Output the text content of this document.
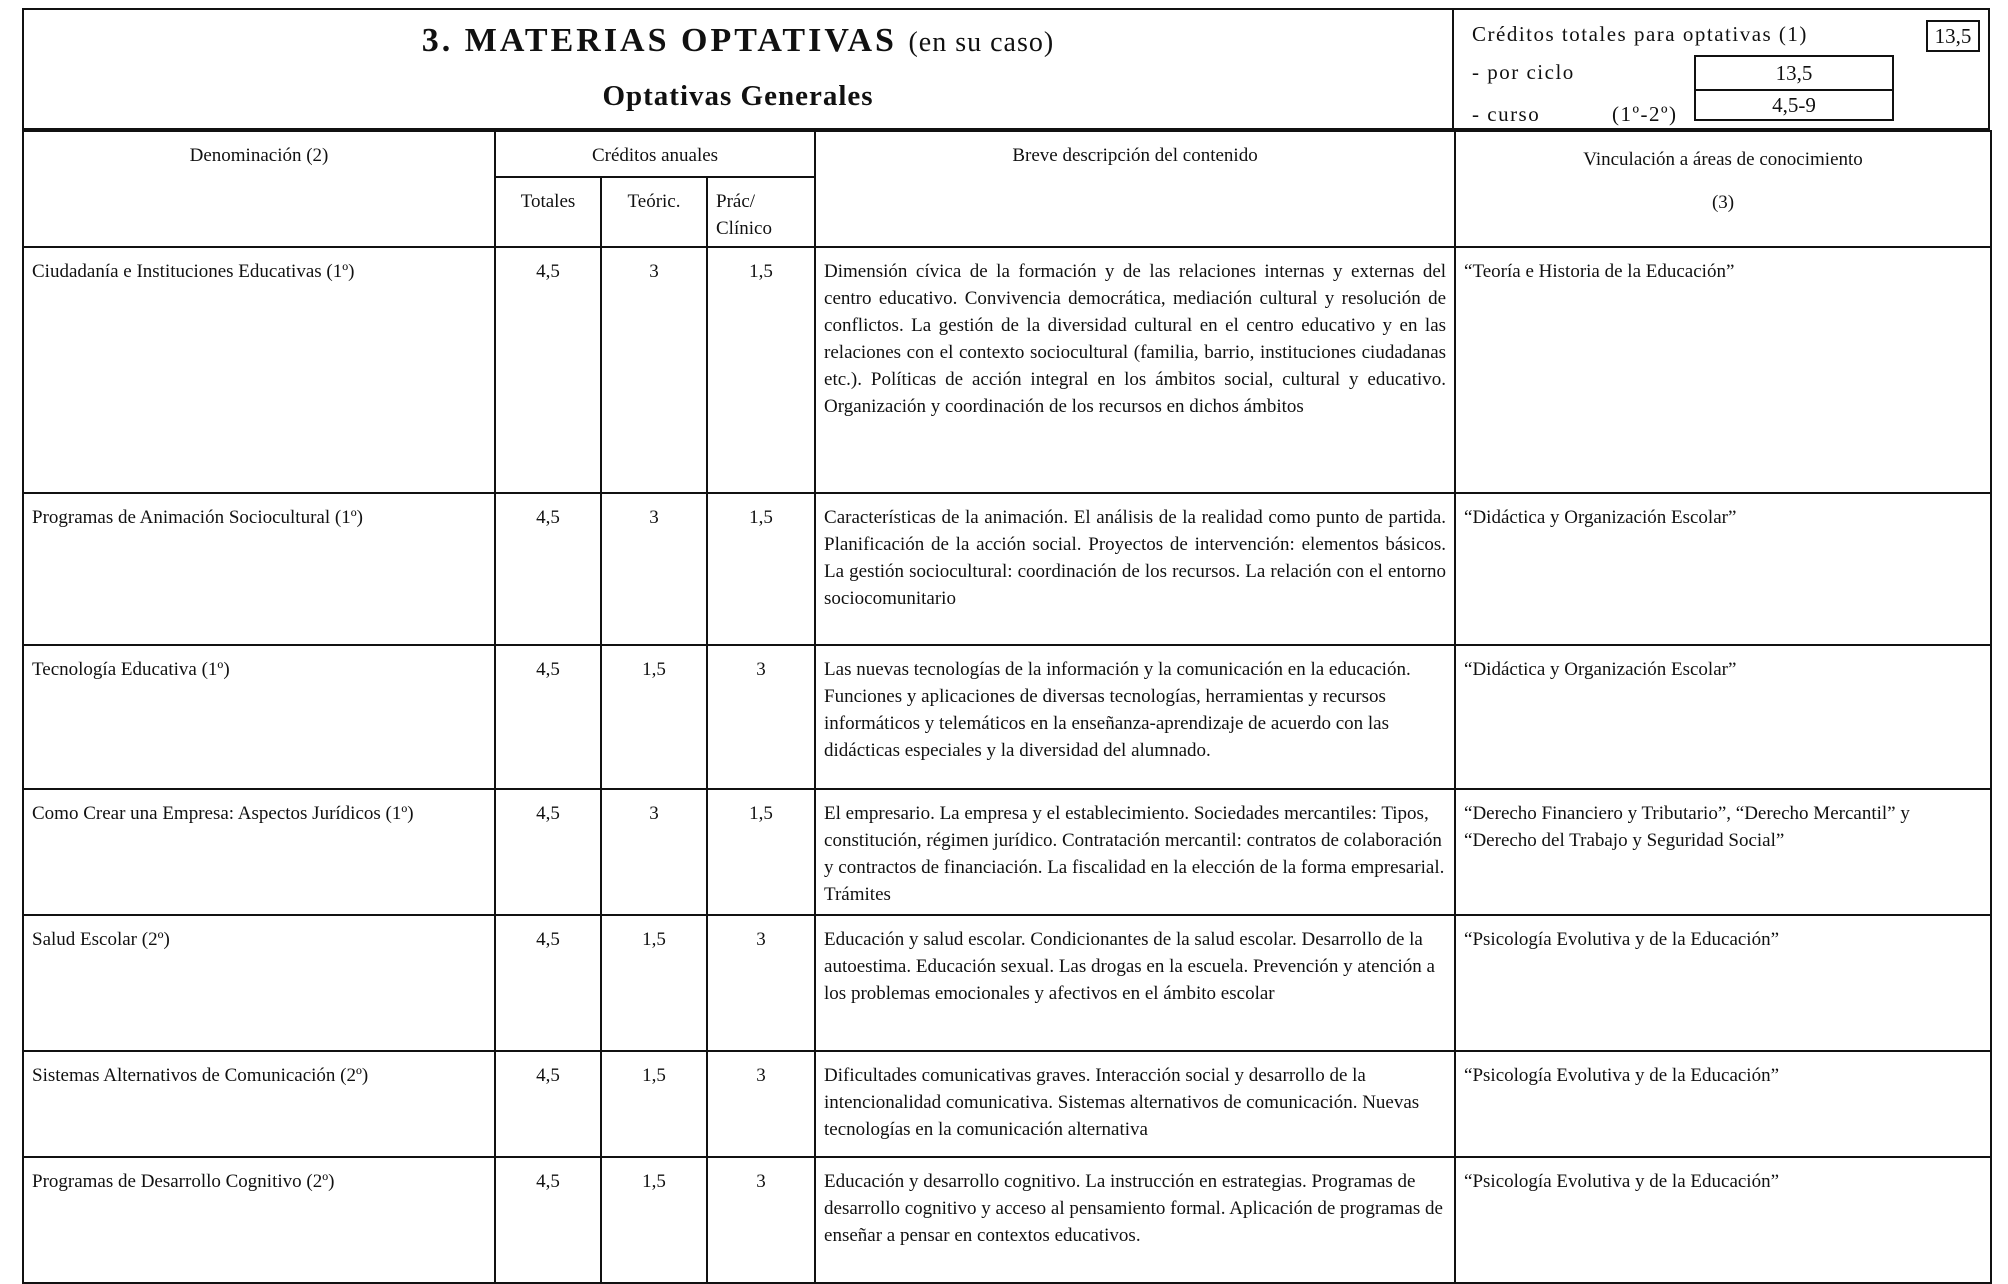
3. MATERIAS OPTATIVAS (en su caso)
Optativas Generales
Créditos totales para optativas (1)	13,5
- por ciclo	13,5
- curso	(1º-2º)	4,5-9
Denominación (2)	Créditos anuales			Breve descripción del contenido	Vinculación a áreas de conocimiento
(3)

	Totales	Teóric.	Prác/ Clínico		
Ciudadanía e Instituciones Educativas (1º)	4,5	3	1,5	Dimensión cívica de la formación y de las relaciones internas y externas del centro educativo. Convivencia democrática, mediación cultural y resolución de conflictos. La gestión de la diversidad cultural en el centro educativo y en las relaciones con el contexto sociocultural (familia, barrio, instituciones ciudadanas etc.). Políticas de acción integral en los ámbitos social, cultural y educativo. Organización y coordinación de los recursos en dichos ámbitos	“Teoría e Historia de la Educación”
Programas de Animación Sociocultural (1º)	4,5	3	1,5	Características de la animación. El análisis de la realidad como punto de partida. Planificación de la acción social. Proyectos de intervención: elementos básicos. La gestión sociocultural: coordinación de los recursos. La relación con el entorno sociocomunitario	“Didáctica y Organización Escolar”
Tecnología Educativa (1º)	4,5	1,5	3	Las nuevas tecnologías de la información y la comunicación en la educación. Funciones y aplicaciones de diversas tecnologías, herramientas y recursos informáticos y telemáticos en la enseñanza-aprendizaje de acuerdo con las didácticas especiales y la diversidad del alumnado.	“Didáctica y Organización Escolar”
Como Crear una Empresa: Aspectos Jurídicos (1º)	4,5	3	1,5	El empresario. La empresa y el establecimiento. Sociedades mercantiles: Tipos, constitución, régimen jurídico. Contratación mercantil: contratos de colaboración y contractos de financiación. La fiscalidad en la elección de la forma empresarial. Trámites	“Derecho Financiero y Tributario”, “Derecho Mercantil” y “Derecho del Trabajo y Seguridad Social”
Salud Escolar (2º)	4,5	1,5	3	Educación y salud escolar. Condicionantes de la salud escolar. Desarrollo de la autoestima. Educación sexual. Las drogas en la escuela. Prevención y atención a los problemas emocionales y afectivos en el ámbito escolar	“Psicología Evolutiva y de la Educación”
Sistemas Alternativos de Comunicación (2º)	4,5	1,5	3	Dificultades comunicativas graves. Interacción social y desarrollo de la intencionalidad comunicativa. Sistemas alternativos de comunicación. Nuevas tecnologías en la comunicación alternativa	“Psicología Evolutiva y de la Educación”
Programas de Desarrollo Cognitivo (2º)	4,5	1,5	3	Educación y desarrollo cognitivo. La instrucción en estrategias. Programas de desarrollo cognitivo y acceso al pensamiento formal. Aplicación de programas de enseñar a pensar en contextos educativos.	“Psicología Evolutiva y de la Educación”
